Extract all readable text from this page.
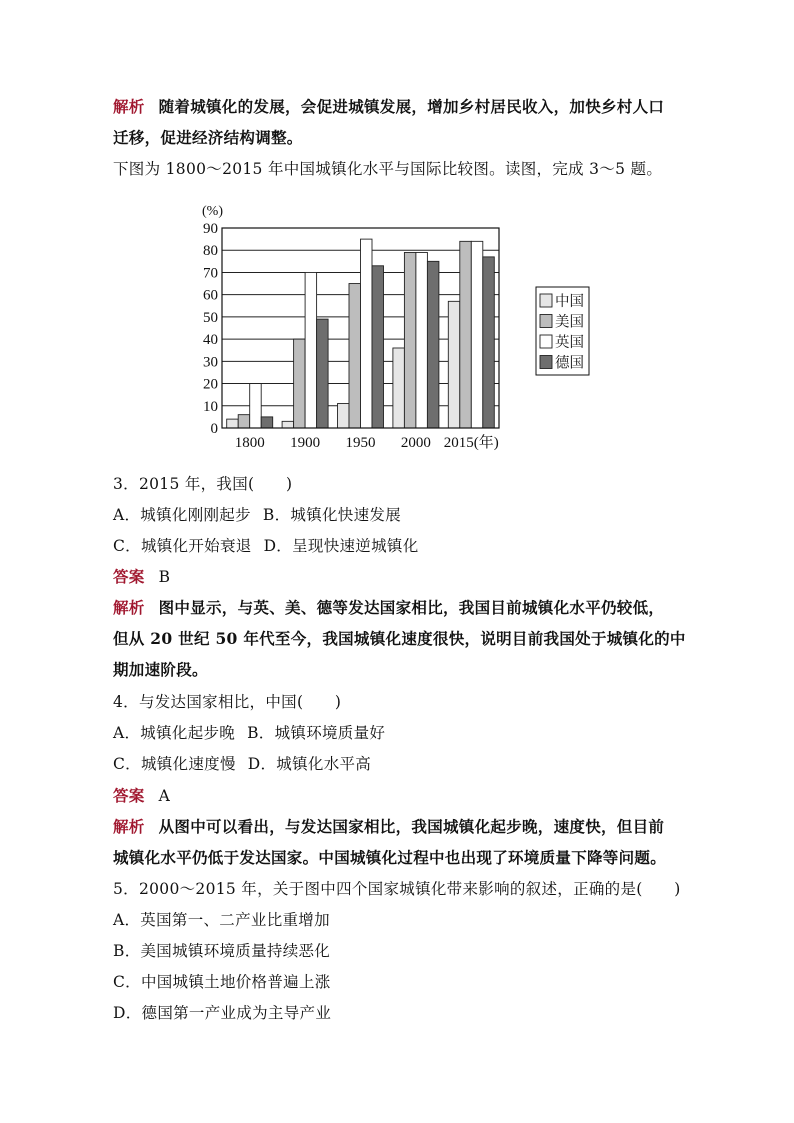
解析 随着城镇化的发展，会促进城镇发展，增加乡村居民收入，加快乡村人口
迁移，促进经济结构调整。
下图为 1800～2015 年中国城镇化水平与国际比较图。读图，完成 3～5 题。
0
10
20
30
40
50
60
70
80
90
(%)
1800 1900 1950 2000 2015(年)
中国
美国
英国
德国
3．2015 年，我国(　　)
A．城镇化刚刚起步 B．城镇化快速发展
C．城镇化开始衰退 D．呈现快速逆城镇化
答案 B
解析 图中显示，与英、美、德等发达国家相比，我国目前城镇化水平仍较低，
但从 20 世纪 50 年代至今，我国城镇化速度很快，说明目前我国处于城镇化的中
期加速阶段。
4．与发达国家相比，中国(　　)
A．城镇化起步晚 B．城镇环境质量好
C．城镇化速度慢 D．城镇化水平高
答案 A
解析 从图中可以看出，与发达国家相比，我国城镇化起步晚，速度快，但目前
城镇化水平仍低于发达国家。中国城镇化过程中也出现了环境质量下降等问题。
5．2000～2015 年，关于图中四个国家城镇化带来影响的叙述，正确的是(　　)
A．英国第一、二产业比重增加
B．美国城镇环境质量持续恶化
C．中国城镇土地价格普遍上涨
D．德国第一产业成为主导产业
